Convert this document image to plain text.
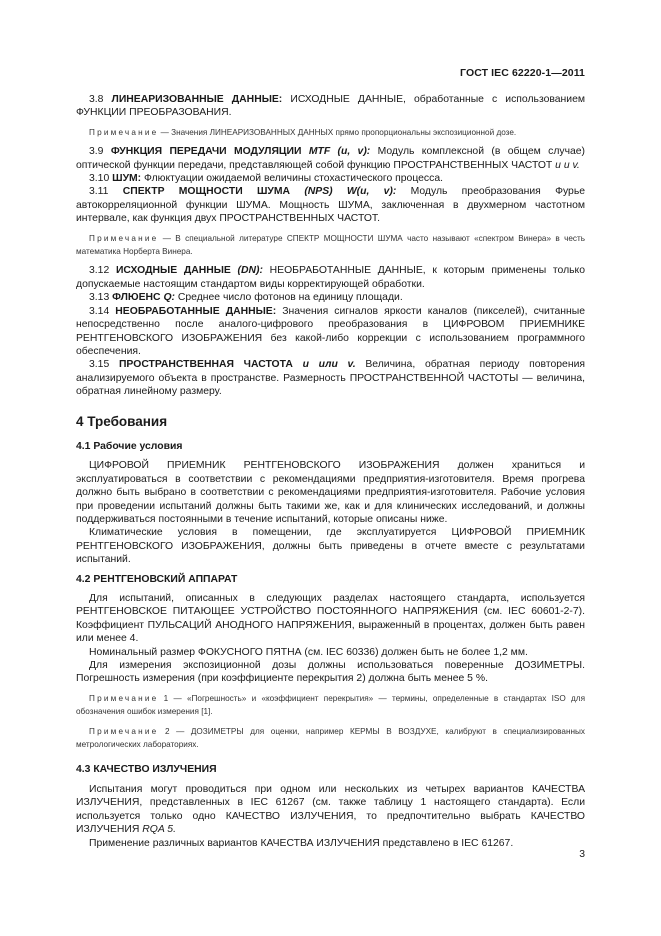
ГОСТ IEC 62220-1—2011

3.8 ЛИНЕАРИЗОВАННЫЕ ДАННЫЕ: ИСХОДНЫЕ ДАННЫЕ, обработанные с использованием ФУНКЦИИ ПРЕОБРАЗОВАНИЯ.

Примечание — Значения ЛИНЕАРИЗОВАННЫХ ДАННЫХ прямо пропорциональны экспозиционной дозе.

3.9 ФУНКЦИЯ ПЕРЕДАЧИ МОДУЛЯЦИИ MTF (u, v): Модуль комплексной (в общем случае) оптической функции передачи, представляющей собой функцию ПРОСТРАНСТВЕННЫХ ЧАСТОТ u и v.

3.10 ШУМ: Флюктуации ожидаемой величины стохастического процесса.

3.11 СПЕКТР МОЩНОСТИ ШУМА (NPS) W(u, v): Модуль преобразования Фурье автокорреляционной функции ШУМА. Мощность ШУМА, заключенная в двухмерном частотном интервале, как функция двух ПРОСТРАНСТВЕННЫХ ЧАСТОТ.

Примечание — В специальной литературе СПЕКТР МОЩНОСТИ ШУМА часто называют «спектром Винера» в честь математика Норберта Винера.

3.12 ИСХОДНЫЕ ДАННЫЕ (DN): НЕОБРАБОТАННЫЕ ДАННЫЕ, к которым применены только допускаемые настоящим стандартом виды корректирующей обработки.

3.13 ФЛЮЕНС Q: Среднее число фотонов на единицу площади.

3.14 НЕОБРАБОТАННЫЕ ДАННЫЕ: Значения сигналов яркости каналов (пикселей), считанные непосредственно после аналого-цифрового преобразования в ЦИФРОВОМ ПРИЕМНИКЕ РЕНТГЕНОВСКОГО ИЗОБРАЖЕНИЯ без какой-либо коррекции с использованием программного обеспечения.

3.15 ПРОСТРАНСТВЕННАЯ ЧАСТОТА u или v. Величина, обратная периоду повторения анализируемого объекта в пространстве. Размерность ПРОСТРАНСТВЕННОЙ ЧАСТОТЫ — величина, обратная линейному размеру.

4 Требования
4.1 Рабочие условия

ЦИФРОВОЙ ПРИЕМНИК РЕНТГЕНОВСКОГО ИЗОБРАЖЕНИЯ должен храниться и эксплуатироваться в соответствии с рекомендациями предприятия-изготовителя. Время прогрева должно быть выбрано в соответствии с рекомендациями предприятия-изготовителя. Рабочие условия при проведении испытаний должны быть такими же, как и для клинических исследований, и должны поддерживаться постоянными в течение испытаний, которые описаны ниже.

Климатические условия в помещении, где эксплуатируется ЦИФРОВОЙ ПРИЕМНИК РЕНТГЕНОВСКОГО ИЗОБРАЖЕНИЯ, должны быть приведены в отчете вместе с результатами испытаний.

4.2 РЕНТГЕНОВСКИЙ АППАРАТ

Для испытаний, описанных в следующих разделах настоящего стандарта, используется РЕНТГЕНОВСКОЕ ПИТАЮЩЕЕ УСТРОЙСТВО ПОСТОЯННОГО НАПРЯЖЕНИЯ (см. IEC 60601-2-7). Коэффициент ПУЛЬСАЦИЙ АНОДНОГО НАПРЯЖЕНИЯ, выраженный в процентах, должен быть равен или менее 4.

Номинальный размер ФОКУСНОГО ПЯТНА (см. IEC 60336) должен быть не более 1,2 мм.

Для измерения экспозиционной дозы должны использоваться поверенные ДОЗИМЕТРЫ. Погрешность измерения (при коэффициенте перекрытия 2) должна быть менее 5 %.

Примечание 1 — «Погрешность» и «коэффициент перекрытия» — термины, определенные в стандартах ISO для обозначения ошибок измерения [1].
Примечание 2 — ДОЗИМЕТРЫ для оценки, например КЕРМЫ В ВОЗДУХЕ, калибруют в специализированных метрологических лабораториях.
4.3 КАЧЕСТВО ИЗЛУЧЕНИЯ

Испытания могут проводиться при одном или нескольких из четырех вариантов КАЧЕСТВА ИЗЛУЧЕНИЯ, представленных в IEC 61267 (см. также таблицу 1 настоящего стандарта). Если используется только одно КАЧЕСТВО ИЗЛУЧЕНИЯ, то предпочтительно выбрать КАЧЕСТВО ИЗЛУЧЕНИЯ RQA 5.

Применение различных вариантов КАЧЕСТВА ИЗЛУЧЕНИЯ представлено в IEC 61267.

3
